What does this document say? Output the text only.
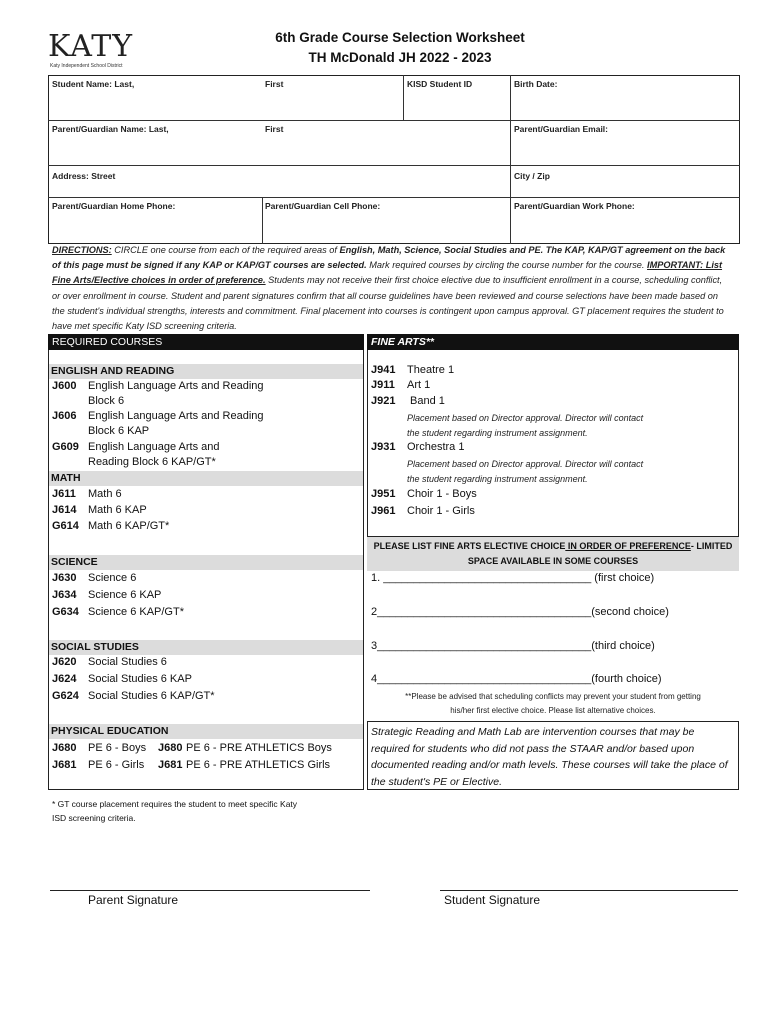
KATY
Katy Independent School District
6th Grade Course Selection Worksheet
TH McDonald JH 2022 - 2023
Student Name: Last,	First	KISD Student ID	Birth Date:
Parent/Guardian Name: Last,	First	Parent/Guardian Email:
Address: Street	City / Zip
Parent/Guardian Home Phone:	Parent/Guardian Cell Phone:	Parent/Guardian Work Phone:
DIRECTIONS: CIRCLE one course from each of the required areas of English, Math, Science, Social Studies and PE. The KAP, KAP/GT agreement on the back of this page must be signed if any KAP or KAP/GT courses are selected. Mark required courses by circling the course number for the course. IMPORTANT: List Fine Arts/Elective choices in order of preference. Students may not receive their first choice elective due to insufficient enrollment in a course, scheduling conflict, or over enrollment in course. Student and parent signatures confirm that all course guidelines have been reviewed and course selections have been made based on the student's individual strengths, interests and commitment. Final placement into courses is contingent upon campus approval. GT placement requires the student to have met specific Katy ISD screening criteria.
REQUIRED COURSES
ENGLISH AND READING
J600 English Language Arts and Reading
Block 6
J606 English Language Arts and Reading
Block 6 KAP
G609 English Language Arts and
Reading Block 6 KAP/GT*
MATH
J611 Math 6
J614 Math 6 KAP
G614 Math 6 KAP/GT*
SCIENCE
J630 Science 6
J634 Science 6 KAP
G634 Science 6 KAP/GT*
SOCIAL STUDIES
J620 Social Studies 6
J624 Social Studies 6 KAP
G624 Social Studies 6 KAP/GT*
PHYSICAL EDUCATION
J680 PE 6 - Boys J680 PE 6 - PRE ATHLETICS Boys
J681 PE 6 - Girls J681 PE 6 - PRE ATHLETICS Girls
FINE ARTS**
J941 Theatre 1
J911 Art 1
J921 Band 1
Placement based on Director approval. Director will contact
the student regarding instrument assignment.
J931 Orchestra 1
Placement based on Director approval. Director will contact
the student regarding instrument assignment.
J951 Choir 1 - Boys
J961 Choir 1 - Girls
PLEASE LIST FINE ARTS ELECTIVE CHOICE IN ORDER OF PREFERENCE- LIMITED
SPACE AVAILABLE IN SOME COURSES
1. __________________________________ (first choice)
2___________________________________(second choice)
3___________________________________(third choice)
4___________________________________(fourth choice)
**Please be advised that scheduling conflicts may prevent your student from getting
his/her first elective choice. Please list alternative choices.
Strategic Reading and Math Lab are intervention courses that may be required for students who did not pass the STAAR and/or based upon documented reading and/or math levels. These courses will take the place of the student's PE or Elective.
* GT course placement requires the student to meet specific Katy
ISD screening criteria.
Parent Signature	Student Signature
